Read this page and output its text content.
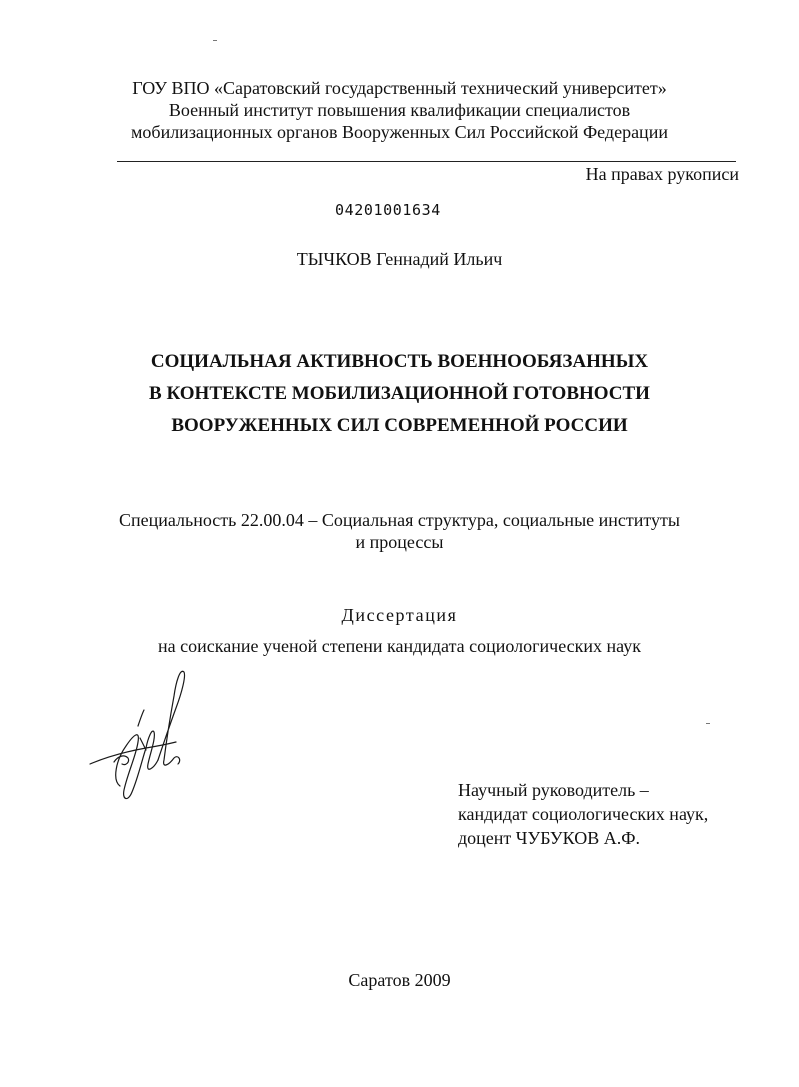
ГОУ ВПО «Саратовский государственный технический университет»
Военный институт повышения квалификации специалистов
мобилизационных органов Вооруженных Сил Российской Федерации
На правах рукописи
04201001634
ТЫЧКОВ Геннадий Ильич
СОЦИАЛЬНАЯ АКТИВНОСТЬ ВОЕННООБЯЗАННЫХ
В КОНТЕКСТЕ МОБИЛИЗАЦИОННОЙ ГОТОВНОСТИ
ВООРУЖЕННЫХ СИЛ СОВРЕМЕННОЙ РОССИИ
Специальность 22.00.04 – Социальная структура, социальные институты
и процессы
Диссертация
на соискание ученой степени кандидата социологических наук
Научный руководитель –
кандидат социологических наук,
доцент ЧУБУКОВ А.Ф.
Саратов 2009
